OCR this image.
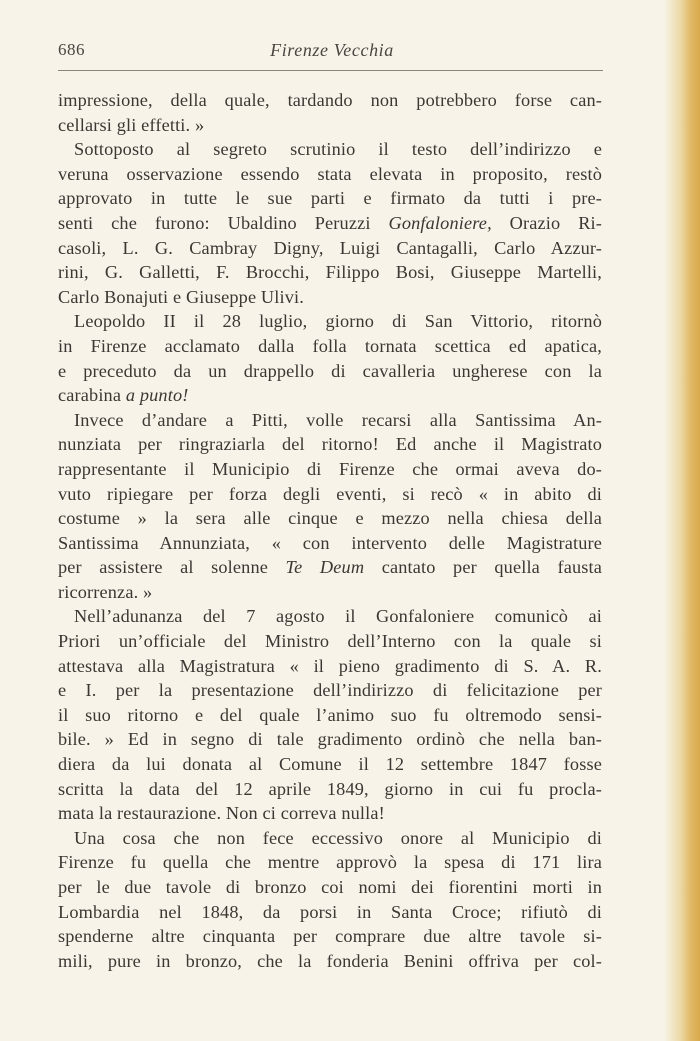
686	Firenze Vecchia
impressione, della quale, tardando non potrebbero forse can-
cellarsi gli effetti. »
Sottoposto al segreto scrutinio il testo dell’indirizzo e
veruna osservazione essendo stata elevata in proposito, restò
approvato in tutte le sue parti e firmato da tutti i pre-
senti che furono: Ubaldino Peruzzi Gonfaloniere, Orazio Ri-
casoli, L. G. Cambray Digny, Luigi Cantagalli, Carlo Azzur-
rini, G. Galletti, F. Brocchi, Filippo Bosi, Giuseppe Martelli,
Carlo Bonajuti e Giuseppe Ulivi.
Leopoldo II il 28 luglio, giorno di San Vittorio, ritornò
in Firenze acclamato dalla folla tornata scettica ed apatica,
e preceduto da un drappello di cavalleria ungherese con la
carabina a punto!
Invece d’andare a Pitti, volle recarsi alla Santissima An-
nunziata per ringraziarla del ritorno! Ed anche il Magistrato
rappresentante il Municipio di Firenze che ormai aveva do-
vuto ripiegare per forza degli eventi, si recò « in abito di
costume » la sera alle cinque e mezzo nella chiesa della
Santissima Annunziata, « con intervento delle Magistrature
per assistere al solenne Te Deum cantato per quella fausta
ricorrenza. »
Nell’adunanza del 7 agosto il Gonfaloniere comunicò ai
Priori un’officiale del Ministro dell’Interno con la quale si
attestava alla Magistratura « il pieno gradimento di S. A. R.
e I. per la presentazione dell’indirizzo di felicitazione per
il suo ritorno e del quale l’animo suo fu oltremodo sensi-
bile. » Ed in segno di tale gradimento ordinò che nella ban-
diera da lui donata al Comune il 12 settembre 1847 fosse
scritta la data del 12 aprile 1849, giorno in cui fu procla-
mata la restaurazione. Non ci correva nulla!
Una cosa che non fece eccessivo onore al Municipio di
Firenze fu quella che mentre approvò la spesa di 171 lira
per le due tavole di bronzo coi nomi dei fiorentini morti in
Lombardia nel 1848, da porsi in Santa Croce; rifiutò di
spenderne altre cinquanta per comprare due altre tavole si-
mili, pure in bronzo, che la fonderia Benini offriva per col-
